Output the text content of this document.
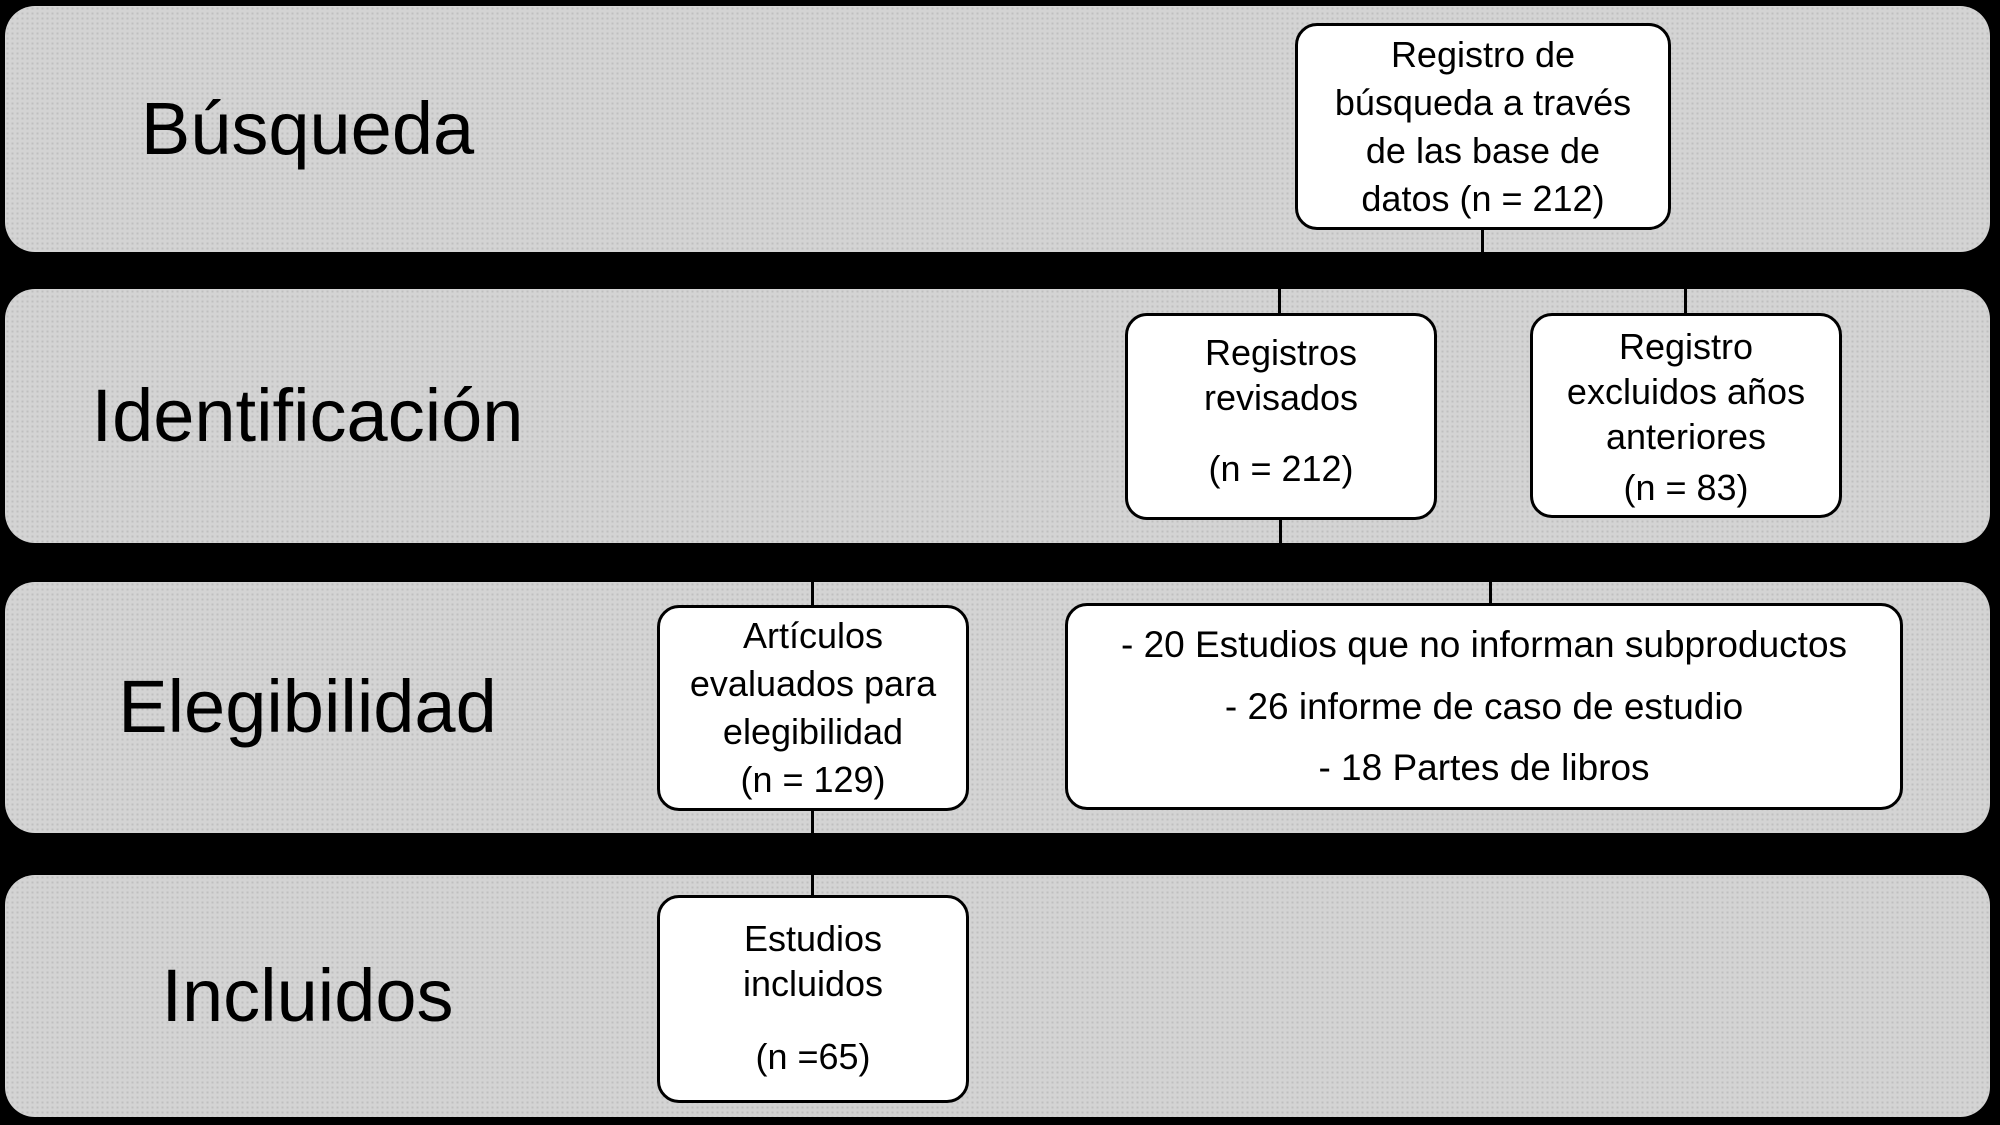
Búsqueda
Identificación
Elegibilidad
Incluidos
Registro de
búsqueda a través
de las base de
datos (n = 212)
Registros
revisados
(n = 212)
Registro
excluidos años
anteriores
(n = 83)
Artículos
evaluados para
elegibilidad
(n = 129)
- 20 Estudios que no informan subproductos
- 26 informe de caso de estudio
- 18 Partes de libros
Estudios
incluidos
(n =65)
